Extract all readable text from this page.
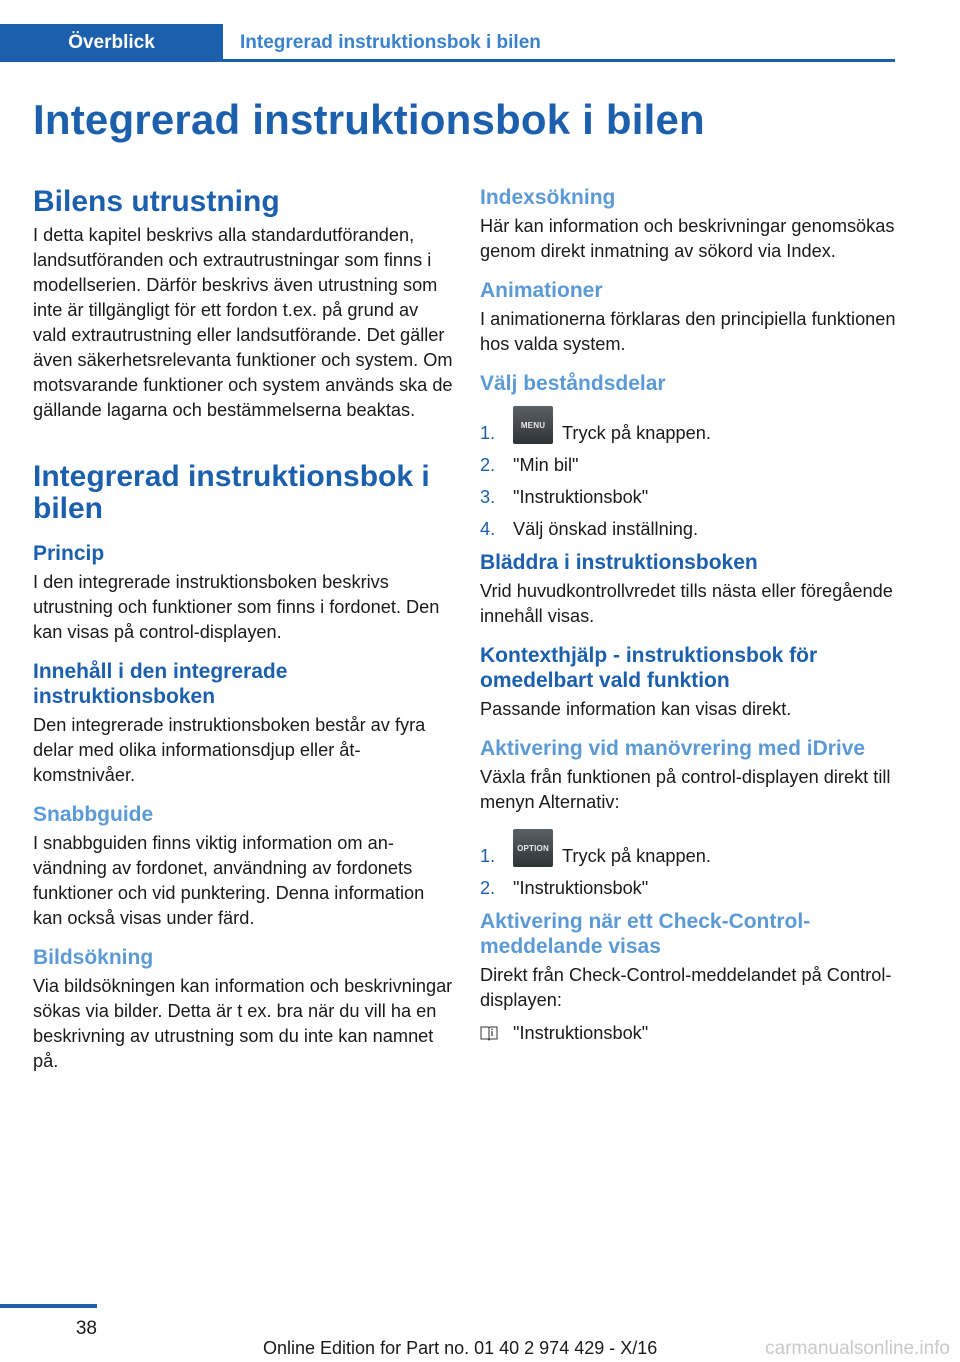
Överblick	Integrerad instruktionsbok i bilen
Integrerad instruktionsbok i bilen
Bilens utrustning

I detta kapitel beskrivs alla standardutföranden, landsutföranden och extrautrustningar som finns i modellserien. Därför beskrivs även utrustning som inte är tillgängligt för ett fordon t.ex. på grund av vald extrautrustning eller landsutförande. Det gäller även säkerhetsrelevanta funktioner och system. Om motsvarande funktioner och system används ska de gällande lagarna och bestämmelserna beaktas.

Integrerad instruktionsbok i bilen
Princip

I den integrerade instruktionsboken beskrivs utrustning och funktioner som finns i fordonet. Den kan visas på control-displayen.

Innehåll i den integrerade instruktionsboken

Den integrerade instruktionsboken består av fyra delar med olika informationsdjup eller åtkomstnivåer.

Snabbguide

I snabbguiden finns viktig information om användning av fordonet, användning av fordonets funktioner och vid punktering. Denna information kan också visas under färd.

Bildsökning

Via bildsökningen kan information och beskrivningar sökas via bilder. Detta är t ex. bra när du vill ha en beskrivning av utrustning som du inte kan namnet på.

Indexsökning

Här kan information och beskrivningar genomsökas genom direkt inmatning av sökord via Index.

Animationer

I animationerna förklaras den principiella funktionen hos valda system.

Välj beståndsdelar
1.	MENU Tryck på knappen.
2. "Min bil"
3. "Instruktionsbok"
4. Välj önskad inställning.
Bläddra i instruktionsboken

Vrid huvudkontrollvredet tills nästa eller föregående innehåll visas.

Kontexthjälp - instruktionsbok för omedelbart vald funktion

Passande information kan visas direkt.

Aktivering vid manövrering med iDrive

Växla från funktionen på control-displayen direkt till menyn Alternativ:

1.	OPTION Tryck på knappen.
2. "Instruktionsbok"
Aktivering när ett Check-Control-meddelande visas

Direkt från Check-Control-meddelandet på Control-displayen:

"Instruktionsbok"
38
Online Edition for Part no. 01 40 2 974 429 - X/16	carmanualsonline.info
